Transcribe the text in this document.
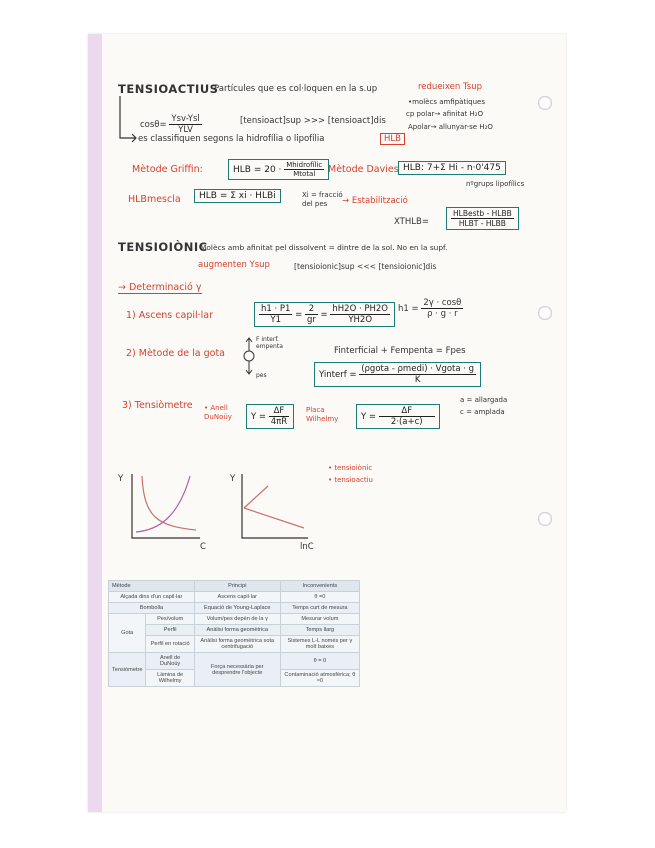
TENSIOACTIUS
Partícules que es col·loquen en la s.up	redueixen Tsup
$\cos\theta= \frac{\text{Ysv-Ysl}}{\text{YLV}}$	[tensioact]sup >>> [tensioact]dis
•molècs amfipàtiques
cp polar→ afinitat H₂O
Apolar→ allunyar-se H₂O
es classifiquen segons la hidrofília o lipofília	HLB
Mètode Griffin:	HLB = $20 \cdot \frac{\text{Mhidrofílic}}{\text{Mtotal}}$ Mètode Davies HLB: 7+Σ Hi - n·0'475
nºgrups lipofílics
HLBmescla	HLB = Σ xi · HLBi	Xi = fracció del pes	→ Estabilització
XTHLB=	$\frac{\text{HLBestb - HLBB}}{\text{HLBT - HLBB}}$
TENSIOIÒNIC
Molècs amb afinitat pel dissolvent = dintre de la sol. No en la supf.
augmenten Ysup	[tensioionic]sup <<< [tensioionic]dis
→ Determinació γ
1) Ascens capil·lar	$\frac{h1 \cdot P1}{Y1} = \frac{2}{gr} = \frac{hH2O \cdot PH2O}{YH2O} h1 = \frac{2\gamma \cdot \cos\theta}{\rho \cdot g \cdot r}$
2) Mètode de la gota
F interf. empenta
pes
Finterficial + Fempenta = Fpes
Yinterf = $\frac{\text{(ρgota - ρmedi) · Vgota · g}}{K}$
3) Tensiòmetre • Anell DuNoüy	$Y = \frac{\Delta F}{4\pi R}$ Placa Wilhelmy	$Y = \frac{\Delta F}{2\cdot(a+c)}$
a = allargada
c = amplada
Y
C
Y
lnC
• tensioiònic
• tensioactiu
Mètode		Principi	Inconvenients
Alçada dins d'un capil·lar		Ascens capil·lar	θ =0
Bombolla		Equació de Young-Laplace	Temps curt de mesura
Gota	Pes/volum	Volum/pes depèn de la γ	Mesurar volum
	Perfil	Anàlisi forma geomètrica	Temps llarg
	Perfil en rotació	Anàlisi forma geomètrica sota centrifugació	Sistemes L-L només per γ molt baixes
Tensiòmetre	Anell de DuNoüy	Força necessària per desprendre l'objecte	θ = 0
	Làmina de Wilhelmy		Contaminació atmosfèrica; θ ≈0
